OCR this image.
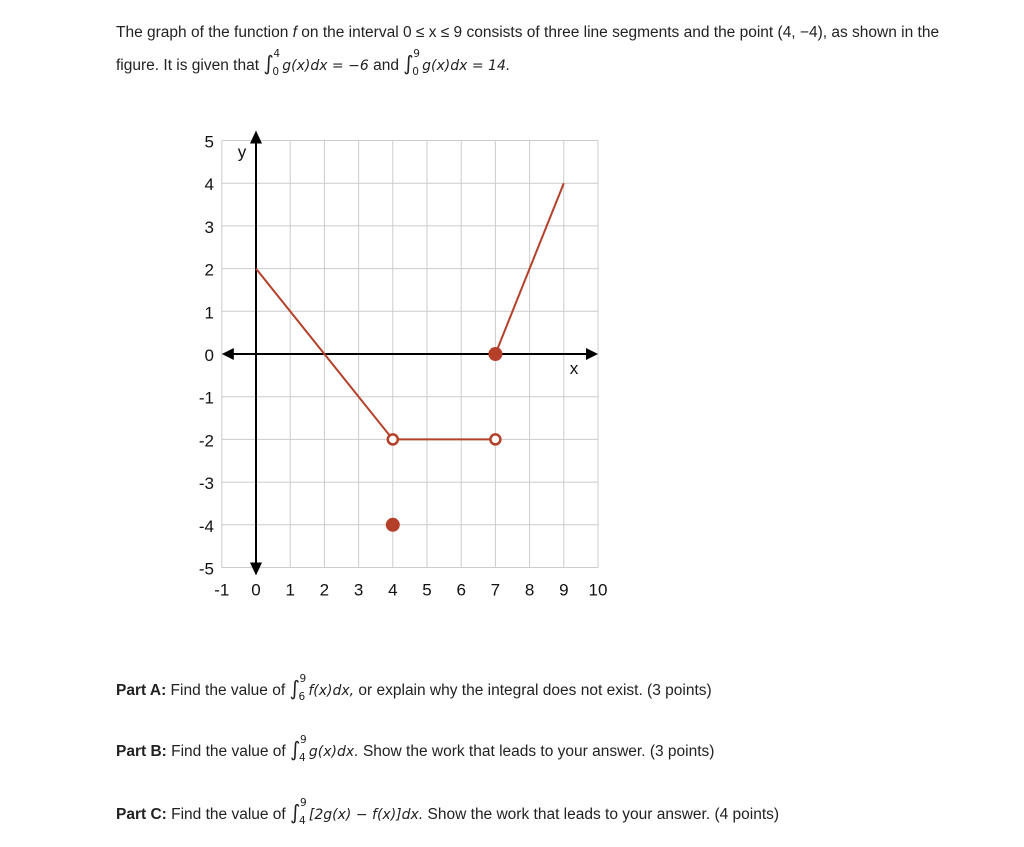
The graph of the function f on the interval 0 ≤ x ≤ 9 consists of three line segments and the point (4, −4), as shown in the

figure. It is given that ∫ 4
0 g(x)dx = −6 and ∫ 9
0 g(x)dx = 14.

5
4
3
2
1
0
-1
-2
-3
-4
-5
-1 0 1 2 3 4 5 6 7 8 9 10
x
y
Part A: Find the value of ∫ 9
6 f(x)dx, or explain why the integral does not exist. (3 points)
Part B: Find the value of ∫ 9
4 g(x)dx. Show the work that leads to your answer. (3 points)
Part C: Find the value of ∫ 9
4 [2g(x) − f(x)]dx. Show the work that leads to your answer. (4 points)
